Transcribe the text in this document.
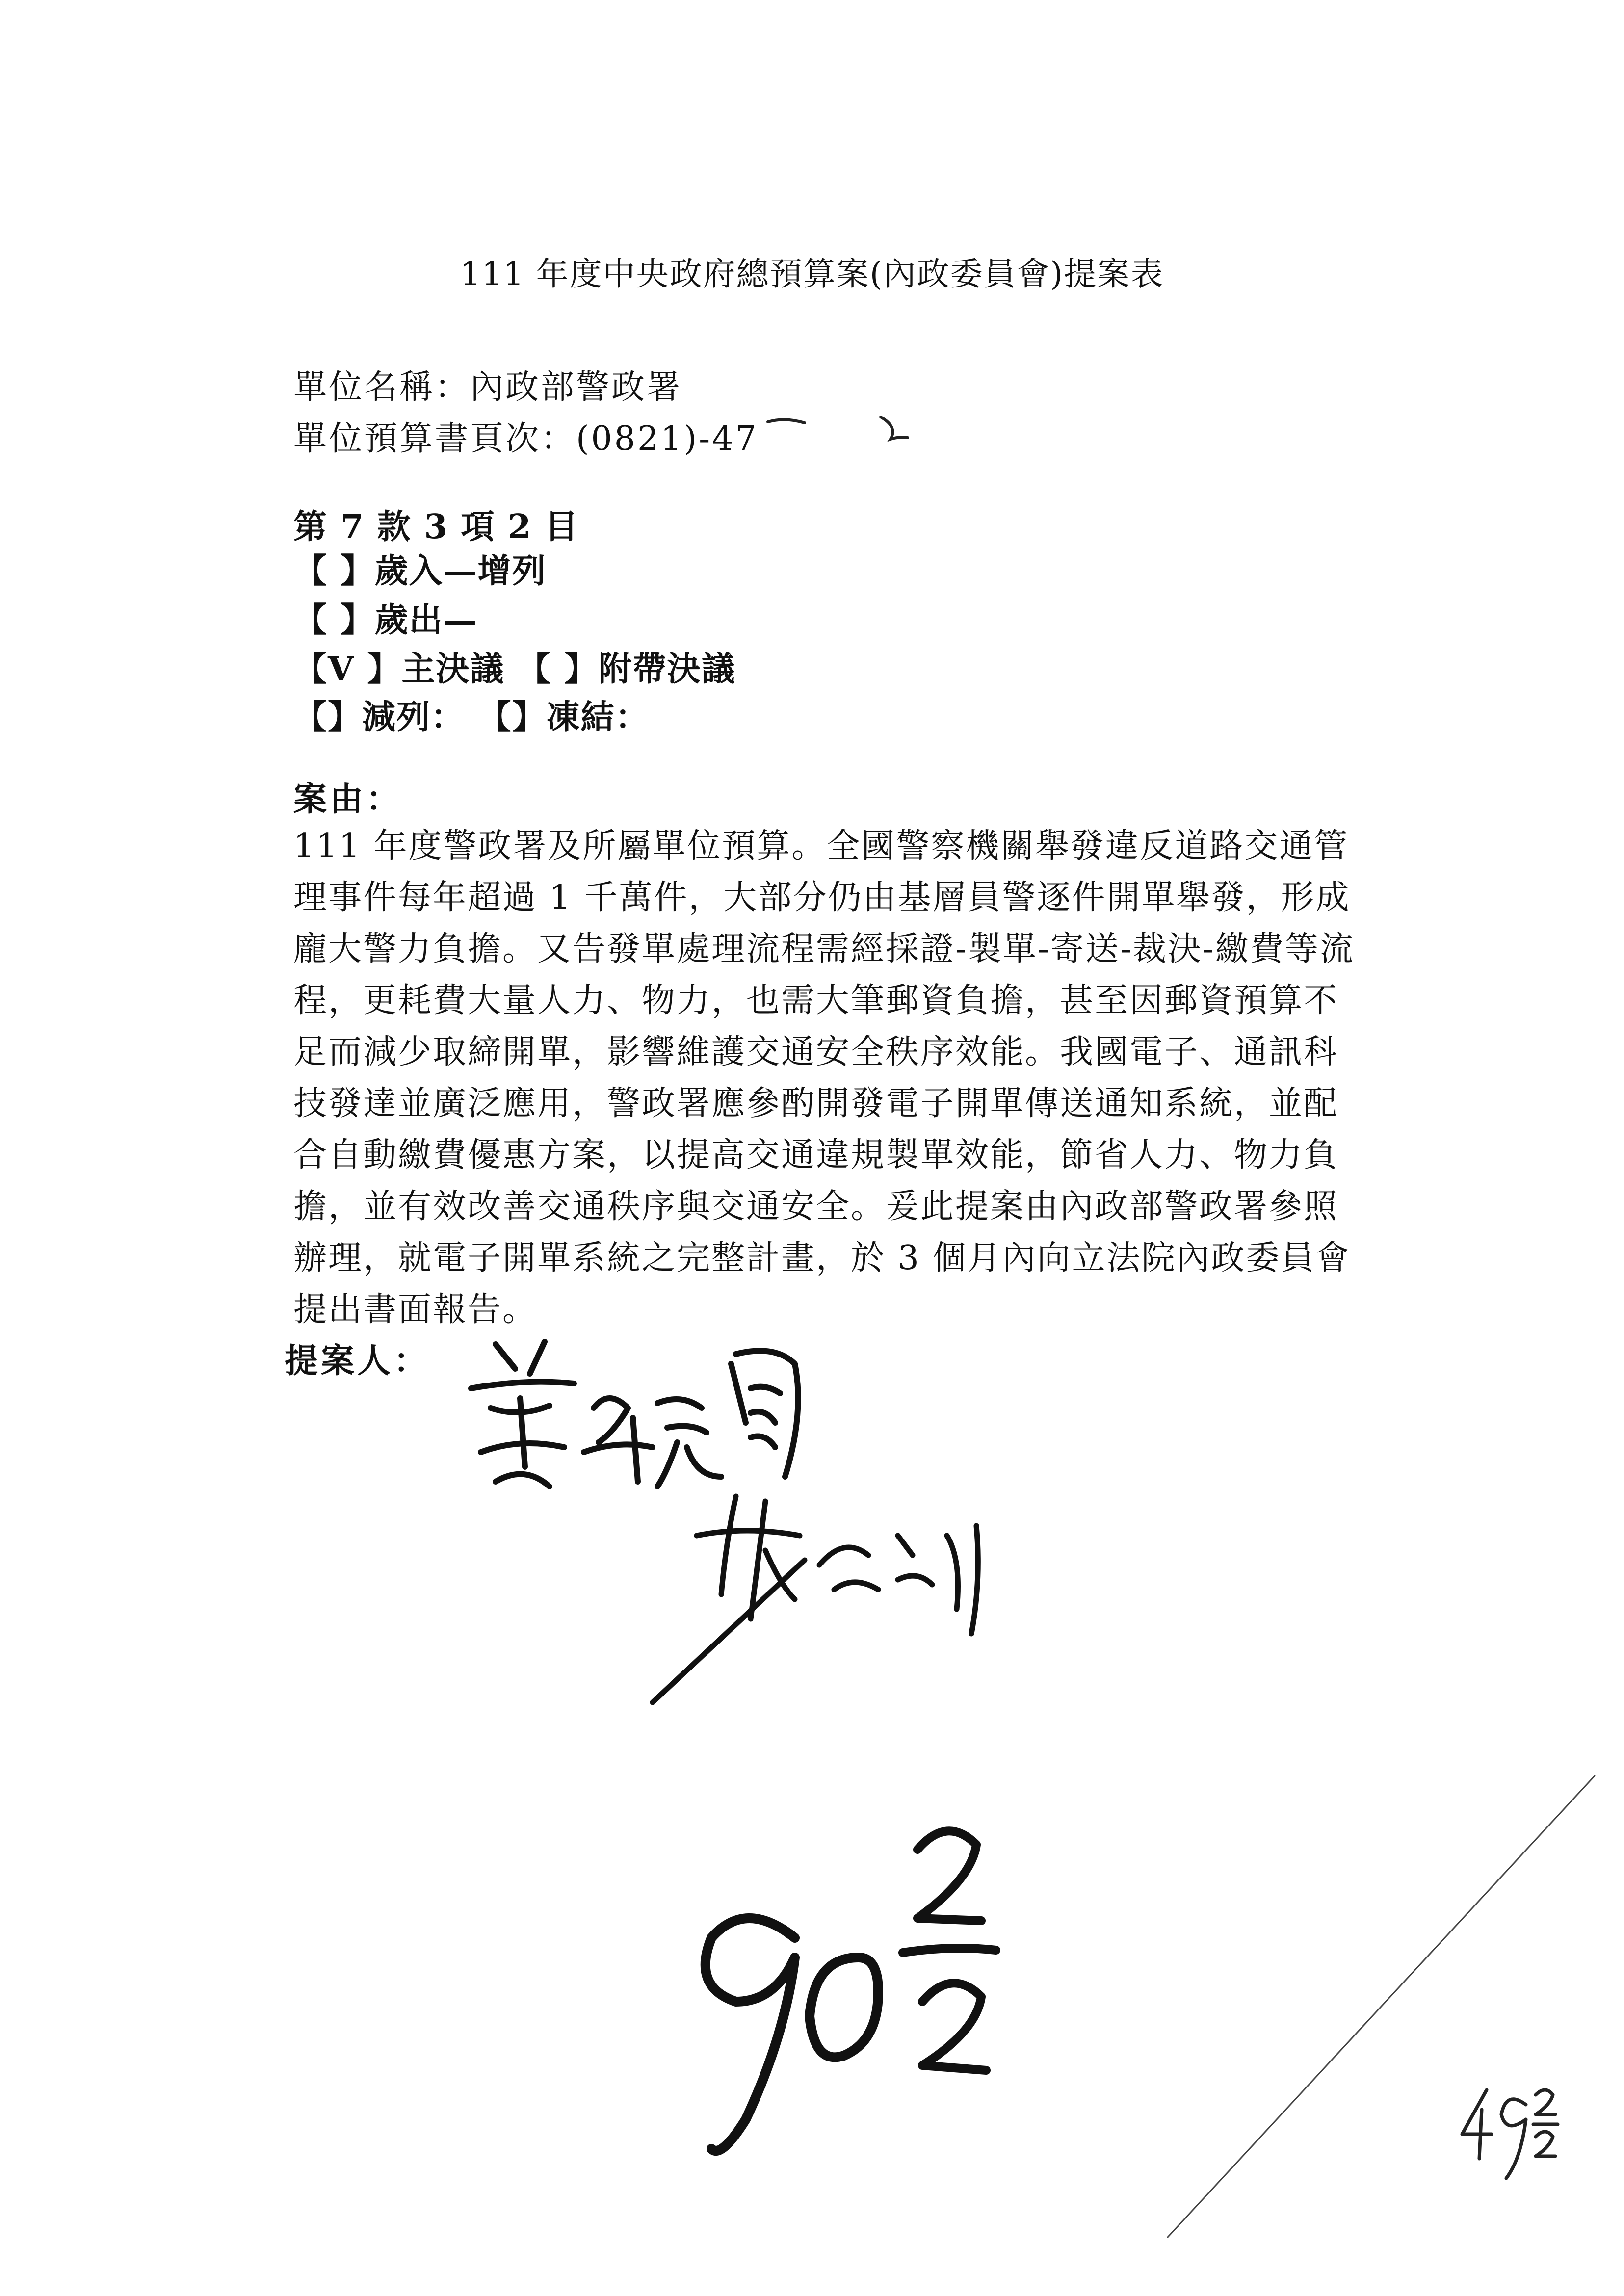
111 年度中央政府總預算案(內政委員會)提案表
單位名稱：內政部警政署
單位預算書頁次：(0821)-47
第 7 款 3 項 2 目
【 】歲入—增列
【 】歲出—
【V 】主決議 【 】附帶決議
【】減列： 【】凍結：
案由：
111 年度警政署及所屬單位預算。全國警察機關舉發違反道路交通管
理事件每年超過 1 千萬件，大部分仍由基層員警逐件開單舉發，形成
龐大警力負擔。又告發單處理流程需經採證-製單-寄送-裁決-繳費等流
程，更耗費大量人力、物力，也需大筆郵資負擔，甚至因郵資預算不
足而減少取締開單，影響維護交通安全秩序效能。我國電子、通訊科
技發達並廣泛應用，警政署應參酌開發電子開單傳送通知系統，並配
合自動繳費優惠方案，以提高交通違規製單效能，節省人力、物力負
擔，並有效改善交通秩序與交通安全。爰此提案由內政部警政署參照
辦理，就電子開單系統之完整計畫，於 3 個月內向立法院內政委員會
提出書面報告。
提案人：
